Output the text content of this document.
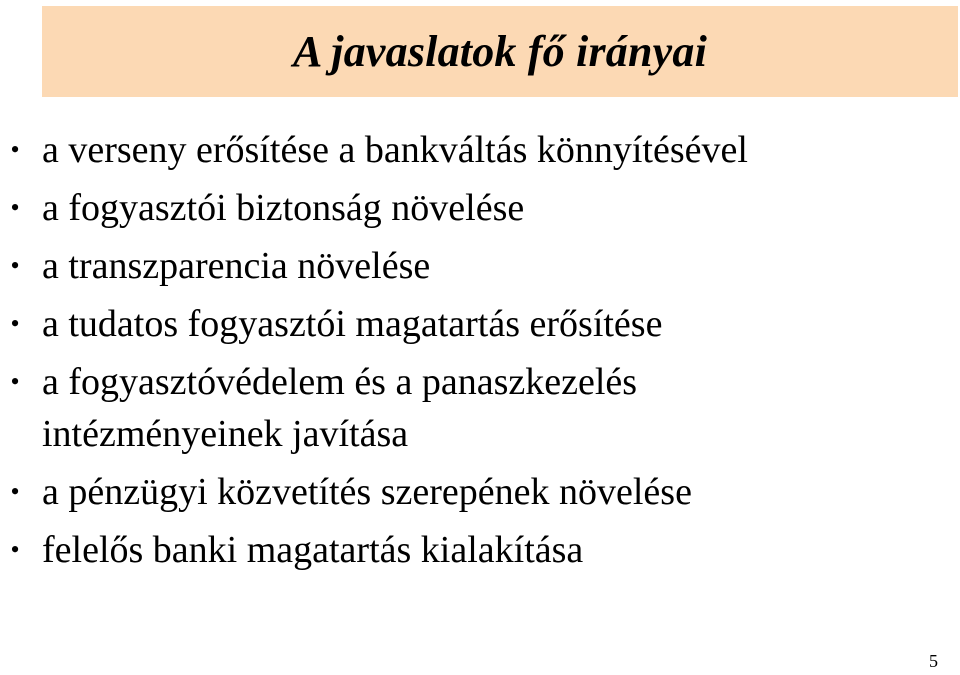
A javaslatok fő irányai
• a verseny erősítése a bankváltás könnyítésével
• a fogyasztói biztonság növelése
• a transzparencia növelése
• a tudatos fogyasztói magatartás erősítése
• a fogyasztóvédelem és a panaszkezelés intézményeinek javítása
• a pénzügyi közvetítés szerepének növelése
• felelős banki magatartás kialakítása
5
